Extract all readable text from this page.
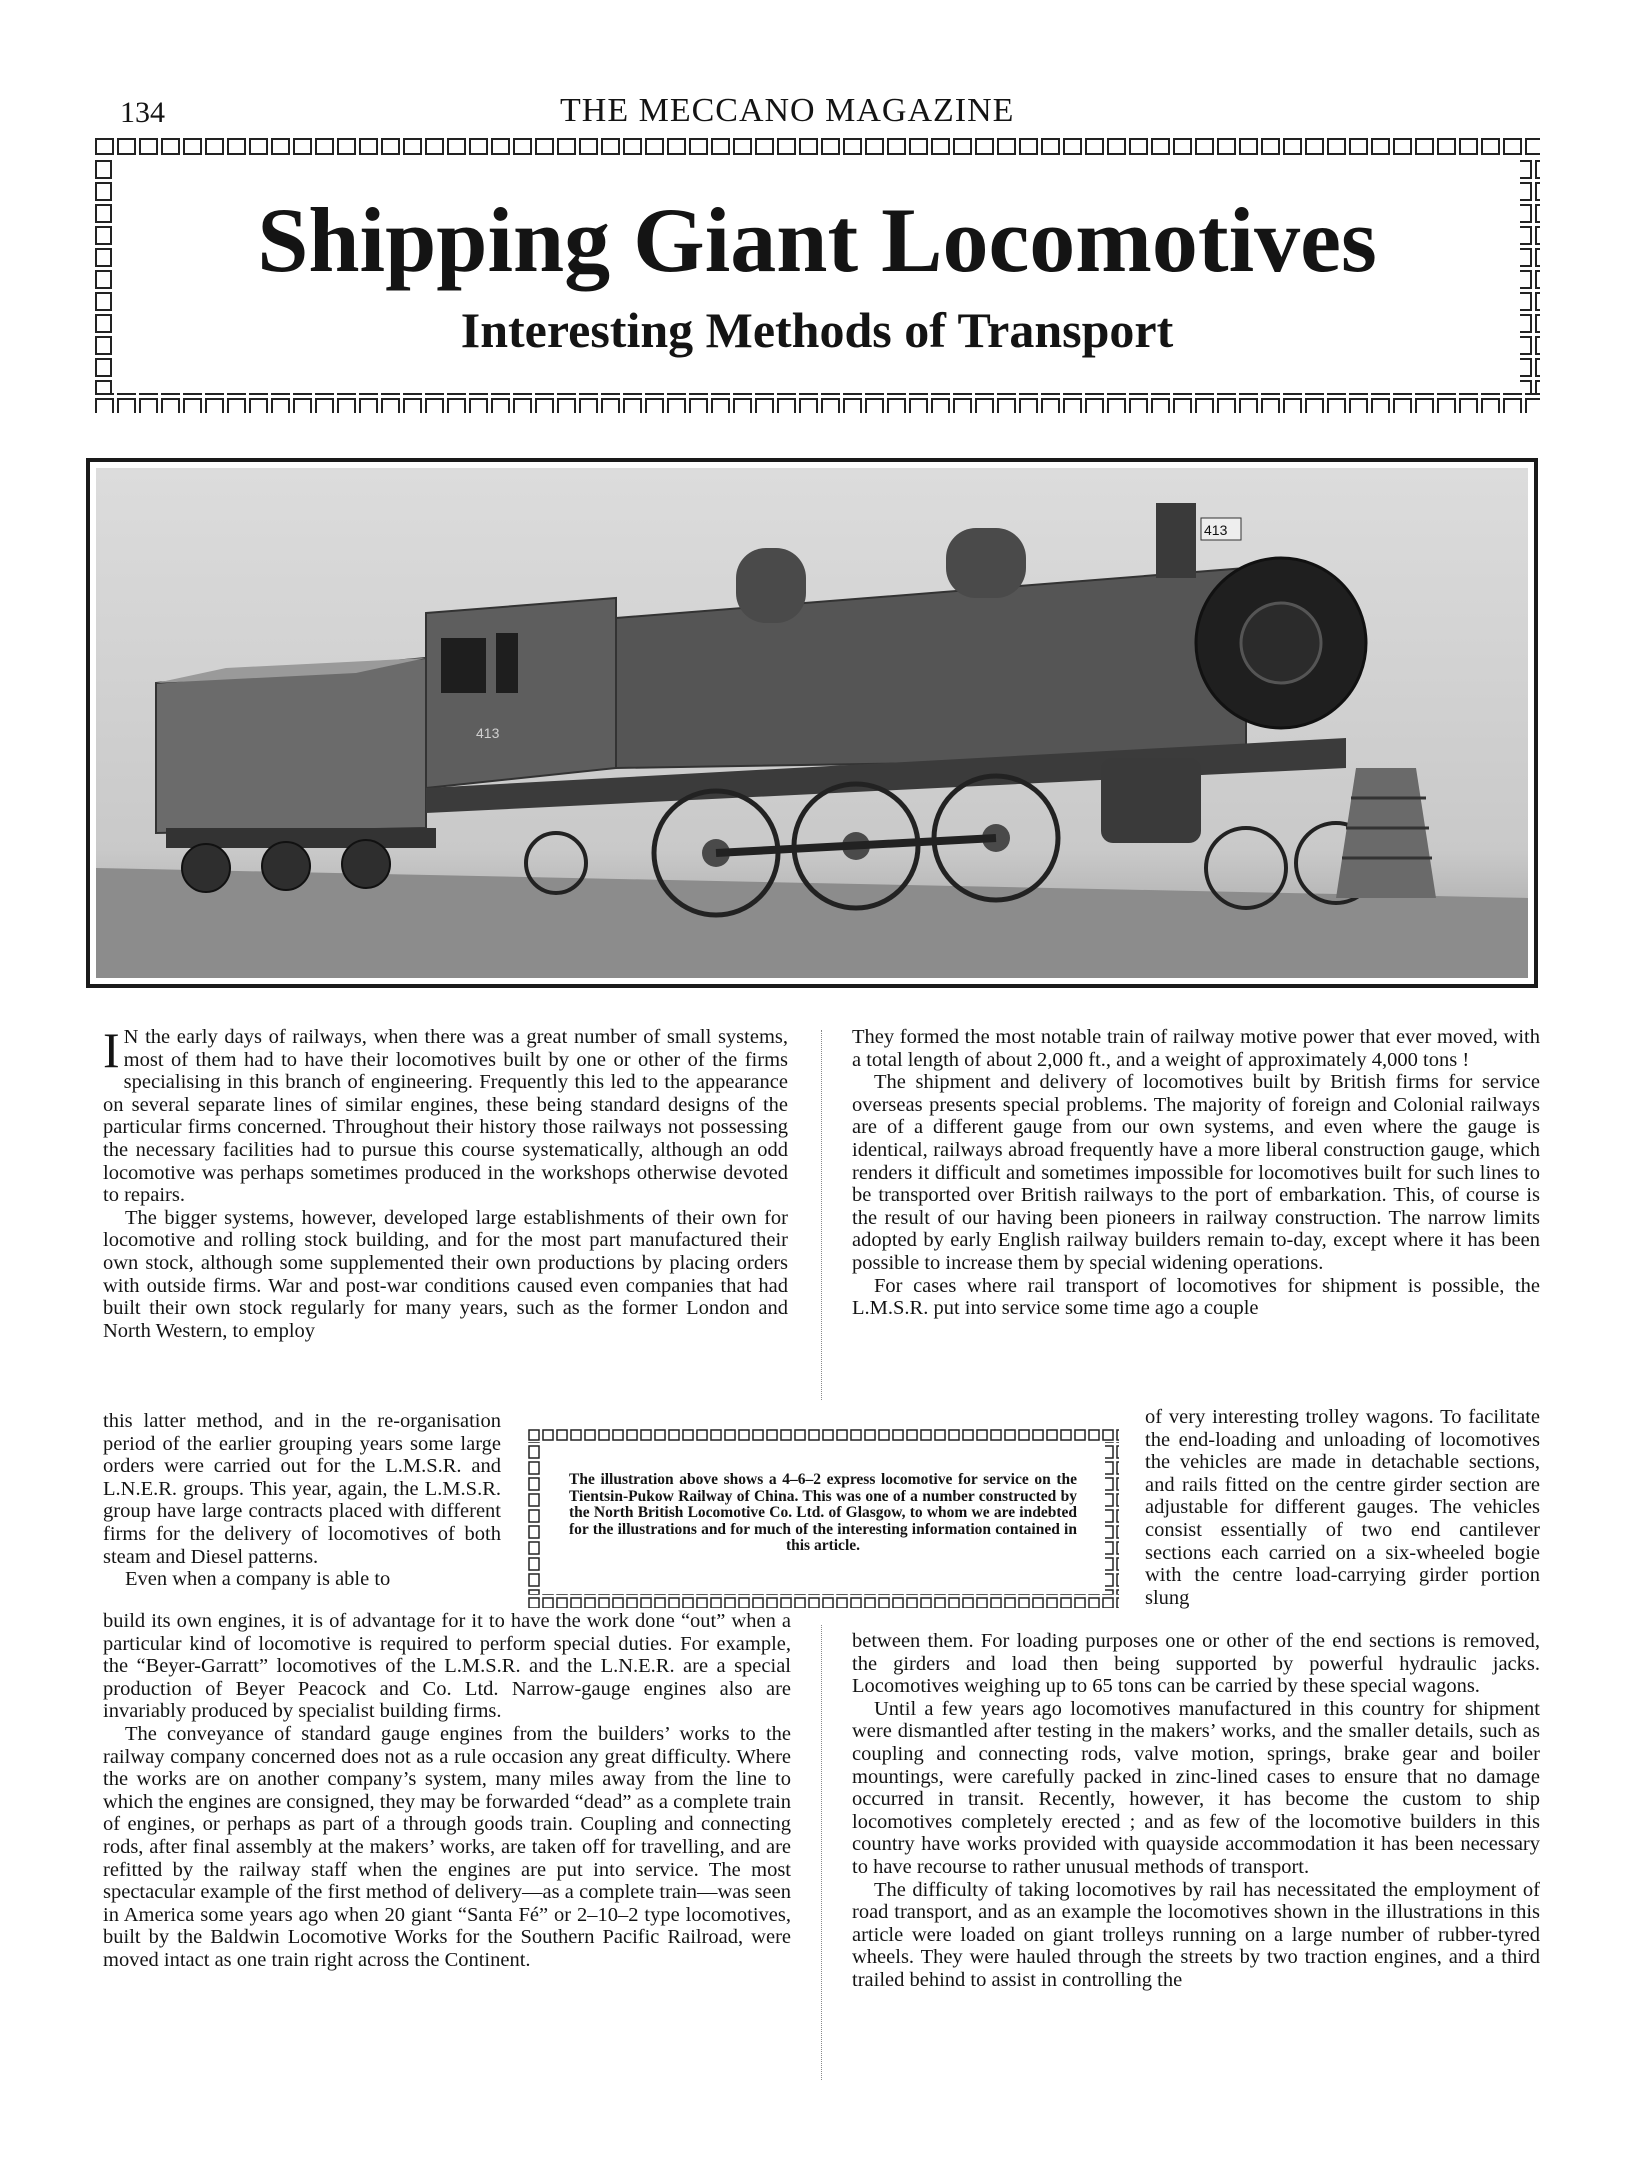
134	THE MECCANO MAGAZINE
Shipping Giant Locomotives
Interesting Methods of Transport
413
413

I N the early days of railways, when there was a great number of small systems, most of them had to have their locomotives built by one or other of the firms specialising in this branch of engineering. Frequently this led to the appearance on several separate lines of similar engines, these being standard designs of the particular firms concerned. Throughout their history those railways not possessing the necessary facilities had to pursue this course systematically, although an odd locomotive was perhaps sometimes produced in the workshops otherwise devoted to repairs.

The bigger systems, however, developed large establishments of their own for locomotive and rolling stock building, and for the most part manufactured their own stock, although some supplemented their own productions by placing orders with outside firms. War and post-war conditions caused even companies that had built their own stock regularly for many years, such as the former London and North Western, to employ

this latter method, and in the re-organisation period of the earlier grouping years some large orders were carried out for the L.M.S.R. and L.N.E.R. groups. This year, again, the L.M.S.R. group have large contracts placed with different firms for the delivery of locomotives of both steam and Diesel patterns.

Even when a company is able to

build its own engines, it is of advantage for it to have the work done “out” when a particular kind of locomotive is required to perform special duties. For example, the “Beyer-Garratt” locomotives of the L.M.S.R. and the L.N.E.R. are a special production of Beyer Peacock and Co. Ltd. Narrow-gauge engines also are invariably produced by specialist building firms.

The conveyance of standard gauge engines from the builders’ works to the railway company concerned does not as a rule occasion any great difficulty. Where the works are on another company’s system, many miles away from the line to which the engines are consigned, they may be forwarded “dead” as a complete train of engines, or perhaps as part of a through goods train. Coupling and connecting rods, after final assembly at the makers’ works, are taken off for travelling, and are refitted by the railway staff when the engines are put into service. The most spectacular example of the first method of delivery—as a complete train—was seen in America some years ago when 20 giant “Santa Fé” or 2–10–2 type locomotives, built by the Baldwin Locomotive Works for the Southern Pacific Railroad, were moved intact as one train right across the Continent.

They formed the most notable train of railway motive power that ever moved, with a total length of about 2,000 ft., and a weight of approximately 4,000 tons !

The shipment and delivery of locomotives built by British firms for service overseas presents special problems. The majority of foreign and Colonial railways are of a different gauge from our own systems, and even where the gauge is identical, railways abroad frequently have a more liberal construction gauge, which renders it difficult and sometimes impossible for locomotives built for such lines to be transported over British railways to the port of embarkation. This, of course is the result of our having been pioneers in railway construction. The narrow limits adopted by early English railway builders remain to-day, except where it has been possible to increase them by special widening operations.

For cases where rail transport of locomotives for shipment is possible, the L.M.S.R. put into service some time ago a couple

of very interesting trolley wagons. To facilitate the end-loading and unloading of locomotives the vehicles are made in detachable sections, and rails fitted on the centre girder section are adjustable for different gauges. The vehicles consist essentially of two end cantilever sections each carried on a six-wheeled bogie with the centre load-carrying girder portion slung

between them. For loading purposes one or other of the end sections is removed, the girders and load then being supported by powerful hydraulic jacks. Locomotives weighing up to 65 tons can be carried by these special wagons.

Until a few years ago locomotives manufactured in this country for shipment were dismantled after testing in the makers’ works, and the smaller details, such as coupling and connecting rods, valve motion, springs, brake gear and boiler mountings, were carefully packed in zinc-lined cases to ensure that no damage occurred in transit. Recently, however, it has become the custom to ship locomotives completely erected ; and as few of the locomotive builders in this country have works provided with quayside accommodation it has been necessary to have recourse to rather unusual methods of transport.

The difficulty of taking locomotives by rail has necessitated the employment of road transport, and as an example the locomotives shown in the illustrations in this article were loaded on giant trolleys running on a large number of rubber-tyred wheels. They were hauled through the streets by two traction engines, and a third trailed behind to assist in controlling the

The illustration above shows a 4–6–2 express locomotive for service on the Tientsin-Pukow Railway of China. This was one of a number constructed by the North British Locomotive Co. Ltd. of Glasgow, to whom we are indebted for the illustrations and for much of the interesting information contained in this article.
